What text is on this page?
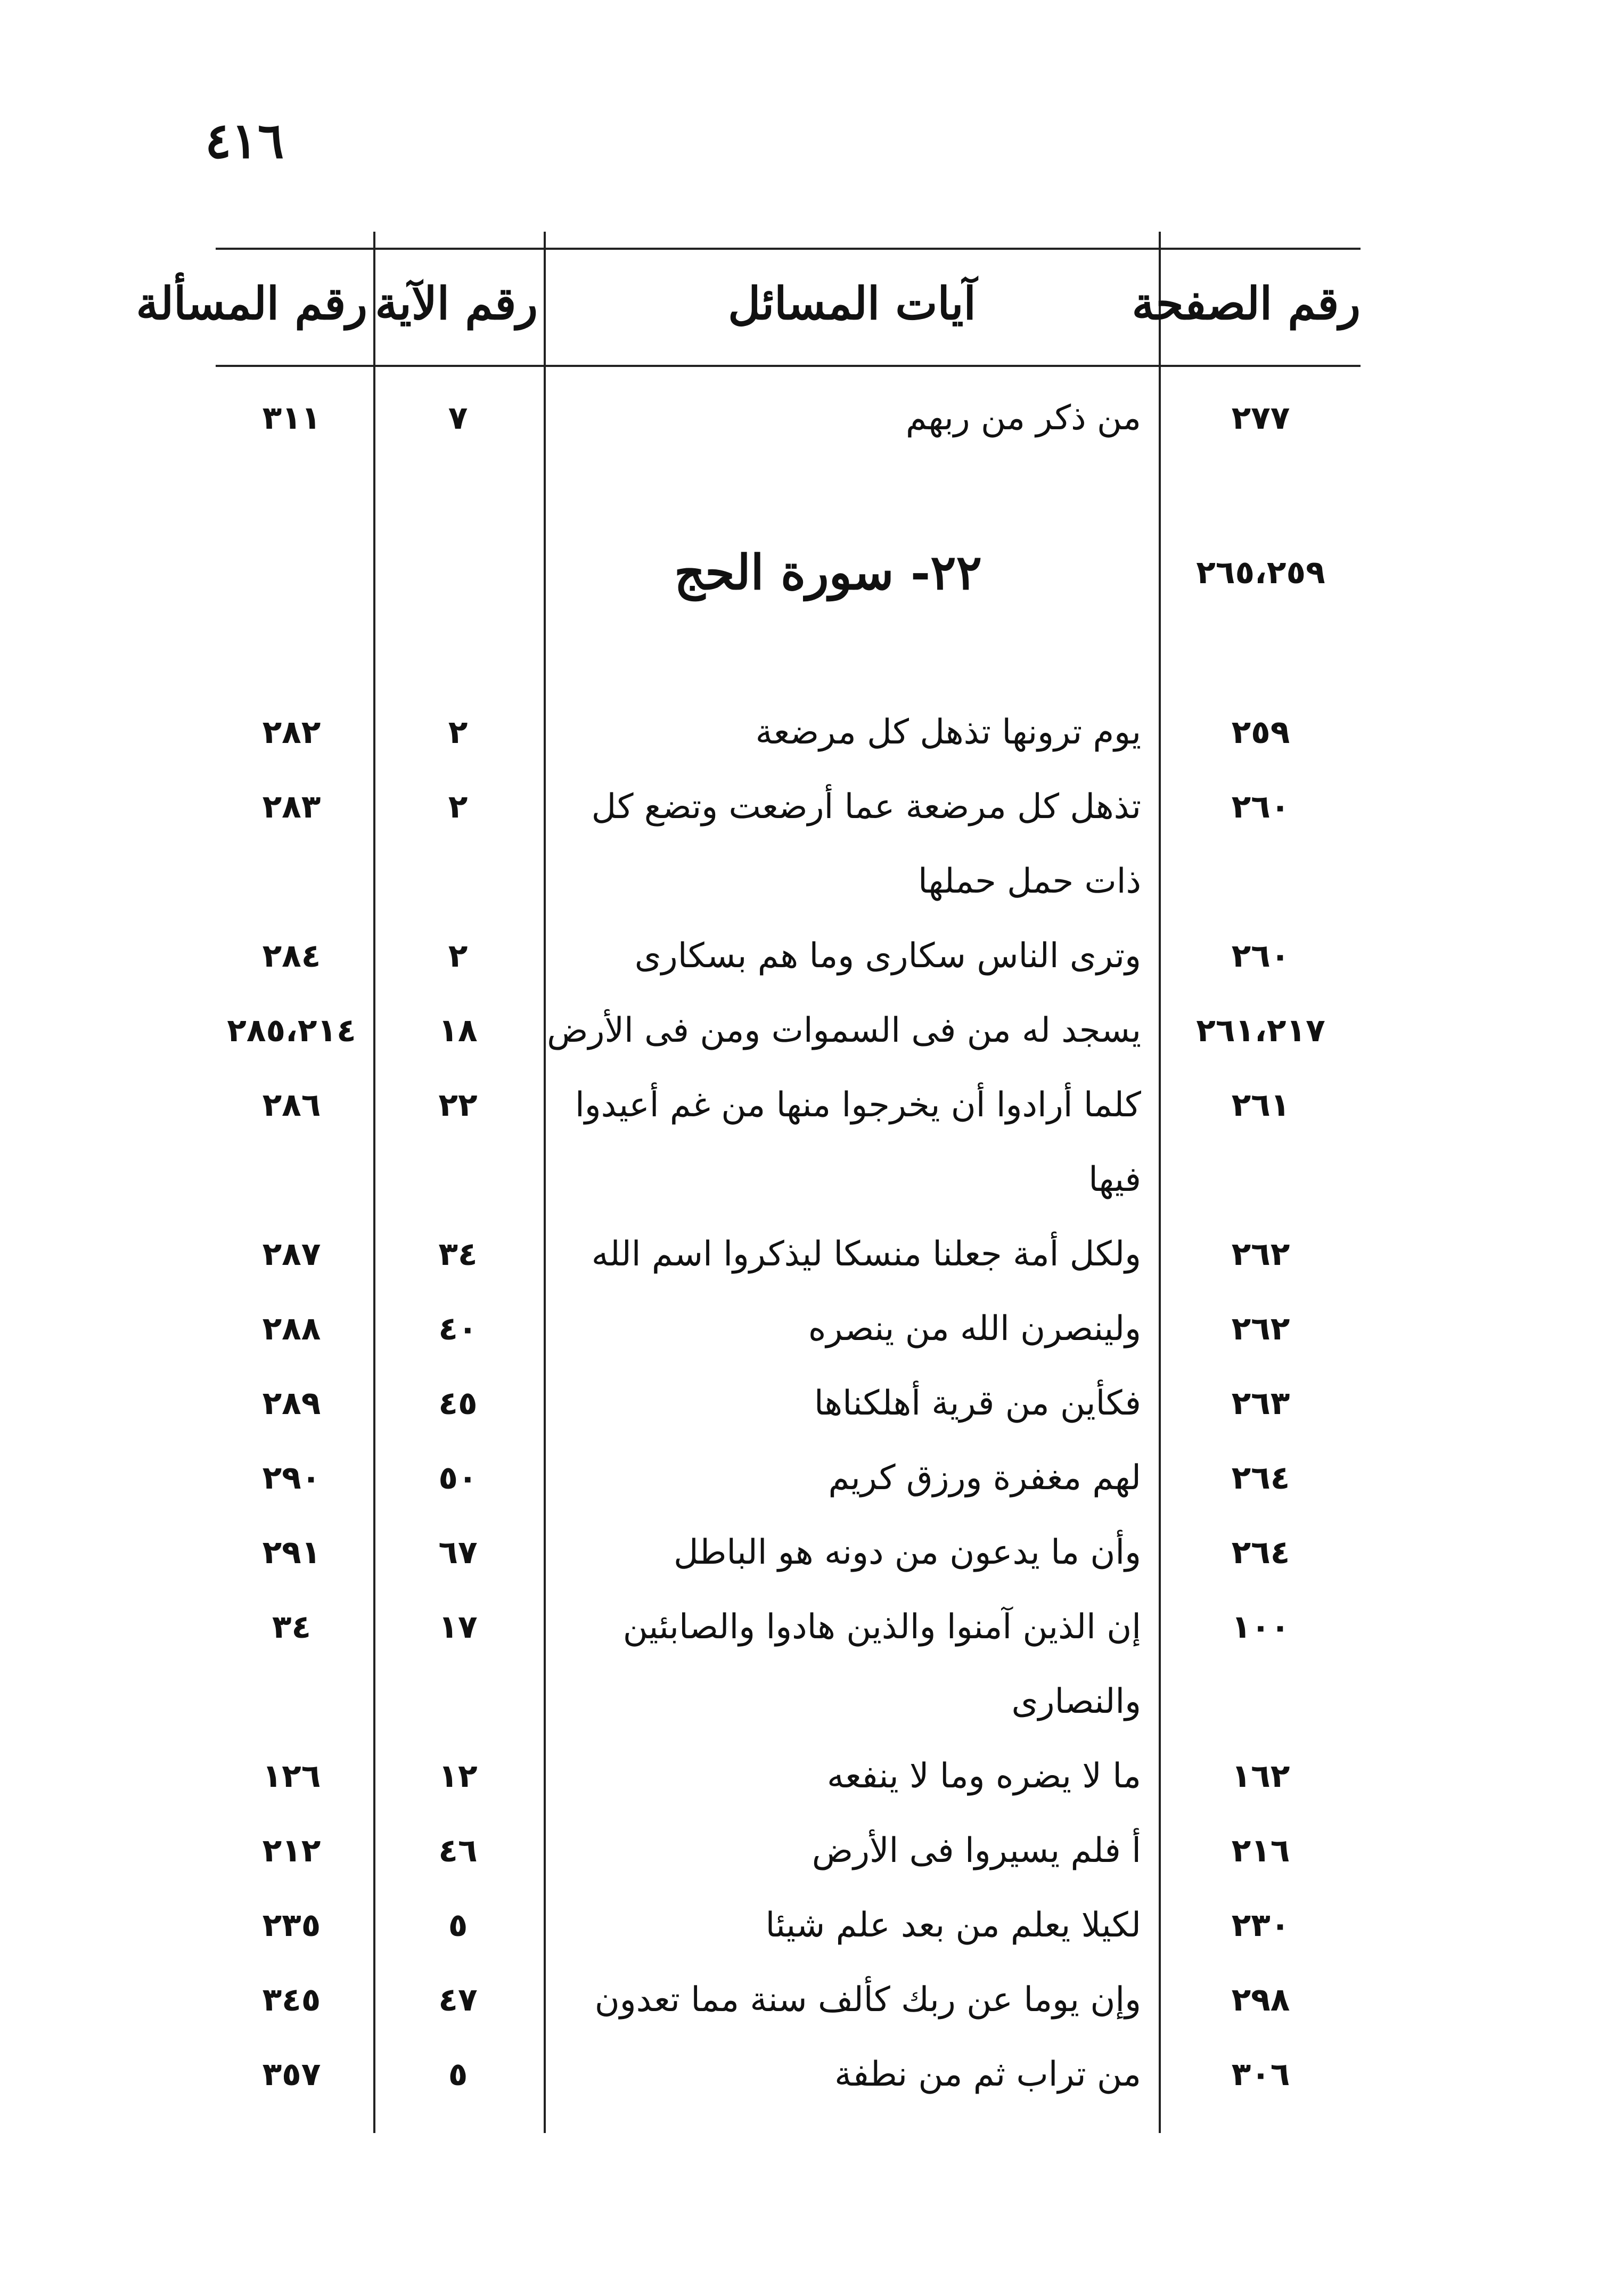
٤١٦
رقم الصفحة
آيات المسائل
رقم الآية
رقم المسألة
٢٧٧
من ذكر من ربهم
٧
٣١١
٢٦٥،٢٥٩
٢٢- سورة الحج
٢٥٩
يوم ترونها تذهل كل مرضعة
٢
٢٨٢
٢٦٠
تذهل كل مرضعة عما أرضعت وتضع كل
٢
٢٨٣
ذات حمل حملها
٢٦٠
وترى الناس سكارى وما هم بسكارى
٢
٢٨٤
٢٦١،٢١٧
يسجد له من فى السموات ومن فى الأرض
١٨
٢٨٥،٢١٤
٢٦١
كلما أرادوا أن يخرجوا منها من غم أعيدوا
٢٢
٢٨٦
فيها
٢٦٢
ولكل أمة جعلنا منسكا ليذكروا اسم الله
٣٤
٢٨٧
٢٦٢
ولينصرن الله من ينصره
٤٠
٢٨٨
٢٦٣
فكأين من قرية أهلكناها
٤٥
٢٨٩
٢٦٤
لهم مغفرة ورزق كريم
٥٠
٢٩٠
٢٦٤
وأن ما يدعون من دونه هو الباطل
٦٧
٢٩١
١٠٠
إن الذين آمنوا والذين هادوا والصابئين
١٧
٣٤
والنصارى
١٦٢
ما لا يضره وما لا ينفعه
١٢
١٢٦
٢١٦
أ فلم يسيروا فى الأرض
٤٦
٢١٢
٢٣٠
لكيلا يعلم من بعد علم شيئا
٥
٢٣٥
٢٩٨
وإن يوما عن ربك كألف سنة مما تعدون
٤٧
٣٤٥
٣٠٦
من تراب ثم من نطفة
٥
٣٥٧
